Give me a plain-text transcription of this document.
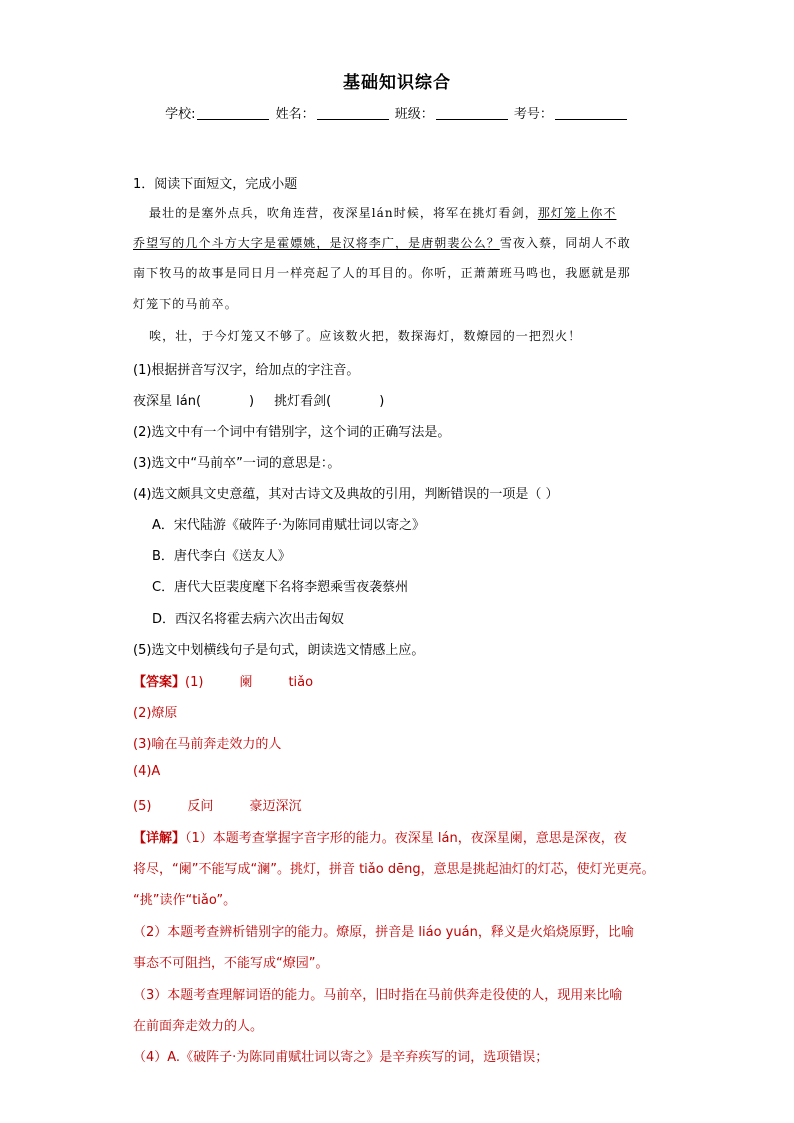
基础知识综合
学校:	姓名：	班级：	考号：
1．阅读下面短文，完成小题
最壮的是塞外点兵，吹角连营，夜深星lán时候，将军在挑灯看剑，那灯笼上你不
乔望写的几个斗方大字是霍嫖姚，是汉将李广，是唐朝裴公么？雪夜入蔡，同胡人不敢
南下牧马的故事是同日月一样亮起了人的耳目的。你听，正萧萧班马鸣也，我愿就是那
灯笼下的马前卒。
唉，壮，于今灯笼又不够了。应该数火把，数探海灯，数燎园的一把烈火！
(1)根据拼音写汉字，给加点的字注音。
夜深星 lán(	) 挑灯看剑(	)
(2)选文中有一个词中有错别字，这个词的正确写法是。
(3)选文中“马前卒”一词的意思是：。
(4)选文颇具文史意蕴，其对古诗文及典故的引用，判断错误的一项是（ ）
A．宋代陆游《破阵子·为陈同甫赋壮词以寄之》
B．唐代李白《送友人》
C．唐代大臣裴度麾下名将李愬乘雪夜袭蔡州
D．西汉名将霍去病六次出击匈奴
(5)选文中划横线句子是句式，朗读选文情感上应。
【答案】(1)	阑	tiǎo
(2)燎原
(3)喻在马前奔走效力的人
(4)A
(5)	反问	豪迈深沉
【详解】（1）本题考查掌握字音字形的能力。夜深星 lán，夜深星阑，意思是深夜，夜
将尽，“阑”不能写成“澜”。挑灯，拼音 tiǎo dēng，意思是挑起油灯的灯芯，使灯光更亮。
“挑”读作“tiǎo”。
（2）本题考查辨析错别字的能力。燎原，拼音是 liáo yuán，释义是火焰烧原野，比喻
事态不可阻挡，不能写成“燎园”。
（3）本题考查理解词语的能力。马前卒，旧时指在马前供奔走役使的人，现用来比喻
在前面奔走效力的人。
（4）A.《破阵子·为陈同甫赋壮词以寄之》是辛弃疾写的词，选项错误；
